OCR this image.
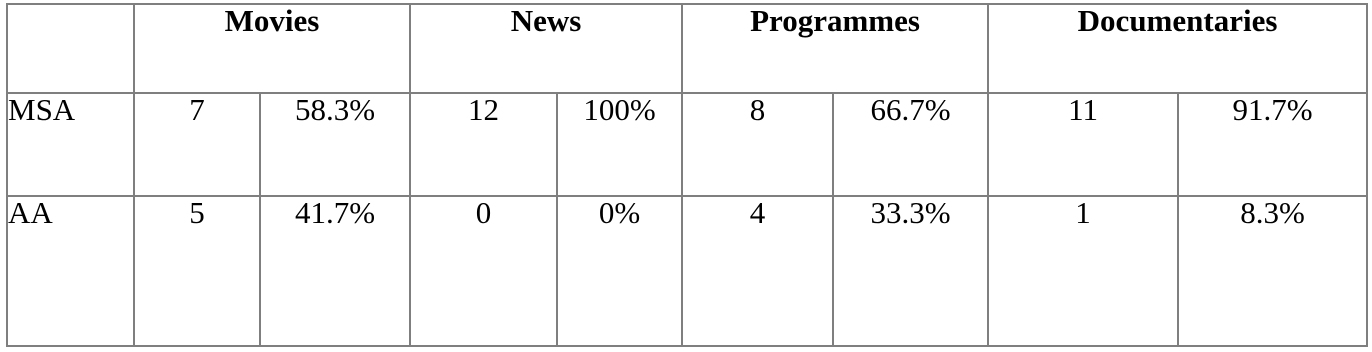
	Movies		News		Programmes		Documentaries	
MSA	7	58.3%	12	100%	8	66.7%	11	91.7%
AA	5	41.7%	0	0%	4	33.3%	1	8.3%
